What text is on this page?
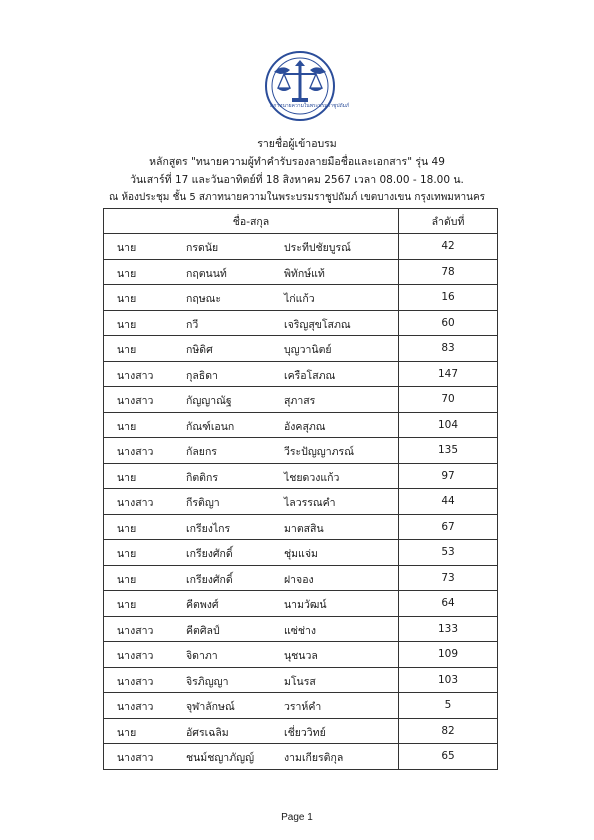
สภาทนายความในพระบรมราชูปถัมภ์
รายชื่อผู้เข้าอบรม
หลักสูตร "ทนายความผู้ทำคำรับรองลายมือชื่อและเอกสาร" รุ่น 49
วันเสาร์ที่ 17 และวันอาทิตย์ที่ 18 สิงหาคม 2567 เวลา 08.00 - 18.00 น.
ณ ห้องประชุม ชั้น 5 สภาทนายความในพระบรมราชูปถัมภ์ เขตบางเขน กรุงเทพมหานคร
ชื่อ-สกุล	ลำดับที่

นาย กรดนัย ประทีปชัยบูรณ์	42

นาย กฤตนนท์ พิทักษ์แท้	78

นาย กฤษณะ ไก่แก้ว	16

นาย กวี เจริญสุขโสภณ	60

นาย กษิดิศ บุญวานิตย์	83

นางสาว กุลธิดา เครือโสภณ	147

นางสาว กัญญาณัฐ สุภาสร	70

นาย กัณฑ์เอนก อังคสุภณ	104

นางสาว กัลยกร วีระปัญญาภรณ์	135

นาย กิตติกร ไชยดวงแก้ว	97

นางสาว กีรติญา ไลวรรณคำ	44

นาย เกรียงไกร มาตสสิน	67

นาย เกรียงศักดิ์ ชุ่มแจ่ม	53

นาย เกรียงศักดิ์ ฝาจอง	73

นาย คีตพงศ์ นามวัฒน์	64

นางสาว คีตศิลป์ แซ่ช่าง	133

นางสาว จิดาภา นุชนวล	109

นางสาว จิรภิญญา มโนรส	103

นางสาว จุฬาลักษณ์ วราห์คำ	5

นาย อัศรเฉลิม เชี่ยววิทย์	82

นางสาว ชนม์ชญาภัญญ์ งามเกียรติกุล	65
Page 1
